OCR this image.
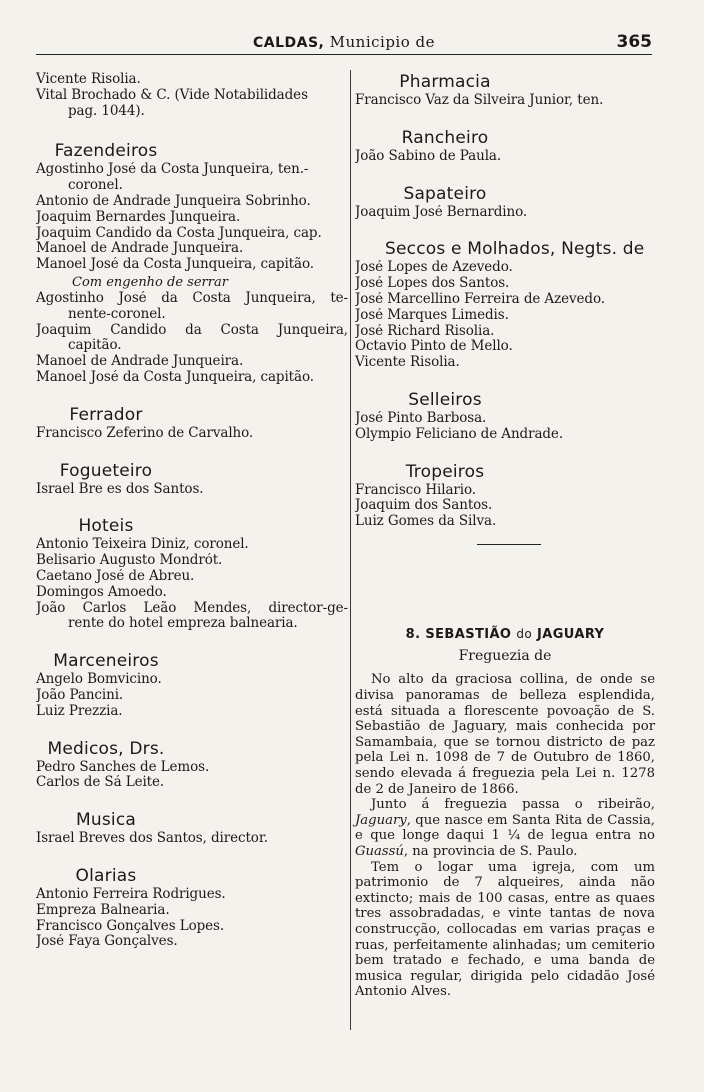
CALDAS, Municipio de	365
Vicente Risolia.
Vital Brochado & C. (Vide Notabilidades
pag. 1044).
Fazendeiros
Agostinho José da Costa Junqueira, ten.-
coronel.
Antonio de Andrade Junqueira Sobrinho.
Joaquim Bernardes Junqueira.
Joaquim Candido da Costa Junqueira, cap.
Manoel de Andrade Junqueira.
Manoel José da Costa Junqueira, capitão.
Com engenho de serrar
Agostinho José da Costa Junqueira, te-
nente-coronel.
Joaquim Candido da Costa Junqueira,
capitão.
Manoel de Andrade Junqueira.
Manoel José da Costa Junqueira, capitão.
Ferrador
Francisco Zeferino de Carvalho.
Fogueteiro
Israel Bre es dos Santos.
Hoteis
Antonio Teixeira Diniz, coronel.
Belisario Augusto Mondrót.
Caetano José de Abreu.
Domingos Amoedo.
João Carlos Leão Mendes, director-ge-
rente do hotel empreza balnearia.
Marceneiros
Angelo Bomvicino.
João Pancini.
Luiz Prezzia.
Medicos, Drs.
Pedro Sanches de Lemos.
Carlos de Sá Leite.
Musica
Israel Breves dos Santos, director.
Olarias
Antonio Ferreira Rodrigues.
Empreza Balnearia.
Francisco Gonçalves Lopes.
José Faya Gonçalves.
Pharmacia
Francisco Vaz da Silveira Junior, ten.
Rancheiro
João Sabino de Paula.
Sapateiro
Joaquim José Bernardino.
Seccos e Molhados, Negts. de
José Lopes de Azevedo.
José Lopes dos Santos.
José Marcellino Ferreira de Azevedo.
José Marques Limedis.
José Richard Risolia.
Octavio Pinto de Mello.
Vicente Risolia.
Selleiros
José Pinto Barbosa.
Olympio Feliciano de Andrade.
Tropeiros
Francisco Hilario.
Joaquim dos Santos.
Luiz Gomes da Silva.
8. SEBASTIÃO do JAGUARY
Freguezia de

No alto da graciosa collina, de onde se divisa panoramas de belleza esplendida, está situada a florescente povoação de S. Sebastião de Jaguary, mais conhecida por Samambaia, que se tornou districto de paz pela Lei n. 1098 de 7 de Outubro de 1860, sendo elevada á freguezia pela Lei n. 1278 de 2 de Janeiro de 1866.

Junto á freguezia passa o ribeirão, Jaguary, que nasce em Santa Rita de Cassia, e que longe daqui 1 ¼ de legua entra no Guassú, na provincia de S. Paulo.

Tem o logar uma igreja, com um patrimonio de 7 alqueires, ainda não extincto; mais de 100 casas, entre as quaes tres assobradadas, e vinte tantas de nova construcção, collocadas em varias praças e ruas, perfeitamente alinhadas; um cemiterio bem tratado e fechado, e uma banda de musica regular, dirigida pelo cidadão José Antonio Alves.
